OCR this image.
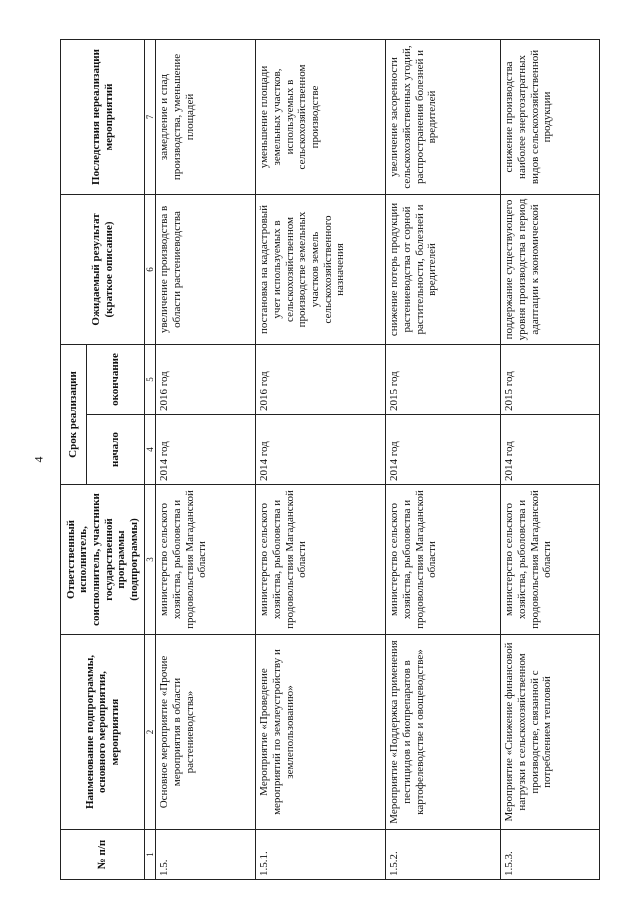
4
№ п/п	Наименование подпрограммы, основного мероприятия, мероприятия	Ответственный исполнитель, соисполнитель, участники государственной программы (подпрограммы)	Срок реализации		Ожидаемый результат (краткое описание)	Последствия нереализации мероприятий
			начало	окончание		
1	2	3	4	5	6	7
1.5.	Основное мероприятие «Прочие мероприятия в области растениеводства»	министерство сельского хозяйства, рыболовства и продовольствия Магаданской области	2014 год	2016 год	увеличение производства в области растениеводства	замедление и спад производства, уменьшение площадей
1.5.1.	Мероприятие «Проведение мероприятий по землеустройству и землепользованию»	министерство сельского хозяйства, рыболовства и продовольствия Магаданской области	2014 год	2016 год	постановка на кадастровый учет используемых в сельскохозяйственном производстве земельных участков земель сельскохозяйственного назначения	уменьшение площади земельных участков, используемых в сельскохозяйственном производстве
1.5.2.	Мероприятие «Поддержка применения пестицидов и биопрепаратов в картофелеводстве и овощеводстве»	министерство сельского хозяйства, рыболовства и продовольствия Магаданской области	2014 год	2015 год	снижение потерь продукции растениеводства от сорной растительности, болезней и вредителей	увеличение засоренности сельскохозяйственных угодий, распространения болезней и вредителей
1.5.3.	Мероприятие «Снижение финансовой нагрузки в сельскохозяйственном производстве, связанной с потреблением тепловой	министерство сельского хозяйства, рыболовства и продовольствия Магаданской области	2014 год	2015 год	поддержание существующего уровня производства в период адаптации к экономической	снижение производства наиболее энергозатратных видов сельскохозяйственной продукции
